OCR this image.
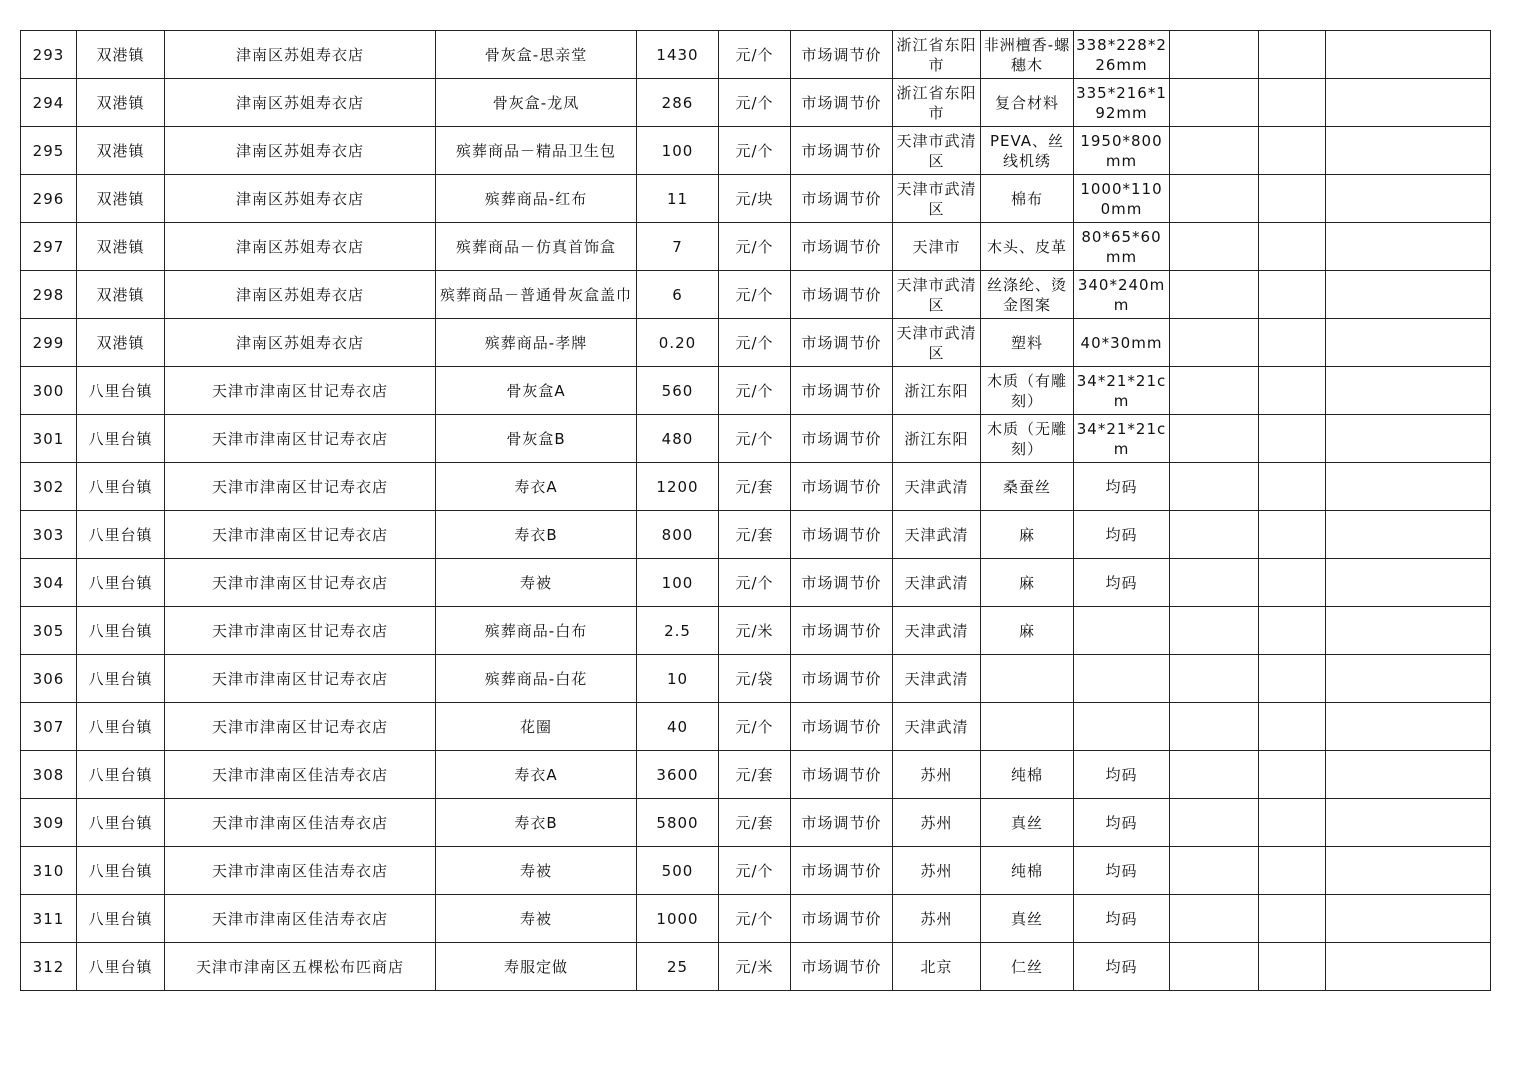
293	双港镇	津南区苏姐寿衣店	骨灰盒-思亲堂	1430	元/个	市场调节价	浙江省东阳市	非洲檀香-螺穗木	338*228*226mm			
294	双港镇	津南区苏姐寿衣店	骨灰盒-龙凤	286	元/个	市场调节价	浙江省东阳市	复合材料	335*216*192mm			
295	双港镇	津南区苏姐寿衣店	殡葬商品－精品卫生包	100	元/个	市场调节价	天津市武清区	PEVA、丝线机绣	1950*800mm			
296	双港镇	津南区苏姐寿衣店	殡葬商品-红布	11	元/块	市场调节价	天津市武清区	棉布	1000*1100mm			
297	双港镇	津南区苏姐寿衣店	殡葬商品－仿真首饰盒	7	元/个	市场调节价	天津市	木头、皮革	80*65*60mm			
298	双港镇	津南区苏姐寿衣店	殡葬商品－普通骨灰盒盖巾	6	元/个	市场调节价	天津市武清区	丝涤纶、烫金图案	340*240mm			
299	双港镇	津南区苏姐寿衣店	殡葬商品-孝牌	0.20	元/个	市场调节价	天津市武清区	塑料	40*30mm			
300	八里台镇	天津市津南区甘记寿衣店	骨灰盒A	560	元/个	市场调节价	浙江东阳	木质（有雕刻）	34*21*21cm			
301	八里台镇	天津市津南区甘记寿衣店	骨灰盒B	480	元/个	市场调节价	浙江东阳	木质（无雕刻）	34*21*21cm			
302	八里台镇	天津市津南区甘记寿衣店	寿衣A	1200	元/套	市场调节价	天津武清	桑蚕丝	均码			
303	八里台镇	天津市津南区甘记寿衣店	寿衣B	800	元/套	市场调节价	天津武清	麻	均码			
304	八里台镇	天津市津南区甘记寿衣店	寿被	100	元/个	市场调节价	天津武清	麻	均码			
305	八里台镇	天津市津南区甘记寿衣店	殡葬商品-白布	2.5	元/米	市场调节价	天津武清	麻				
306	八里台镇	天津市津南区甘记寿衣店	殡葬商品-白花	10	元/袋	市场调节价	天津武清					
307	八里台镇	天津市津南区甘记寿衣店	花圈	40	元/个	市场调节价	天津武清					
308	八里台镇	天津市津南区佳洁寿衣店	寿衣A	3600	元/套	市场调节价	苏州	纯棉	均码			
309	八里台镇	天津市津南区佳洁寿衣店	寿衣B	5800	元/套	市场调节价	苏州	真丝	均码			
310	八里台镇	天津市津南区佳洁寿衣店	寿被	500	元/个	市场调节价	苏州	纯棉	均码			
311	八里台镇	天津市津南区佳洁寿衣店	寿被	1000	元/个	市场调节价	苏州	真丝	均码			
312	八里台镇	天津市津南区五棵松布匹商店	寿服定做	25	元/米	市场调节价	北京	仁丝	均码			
